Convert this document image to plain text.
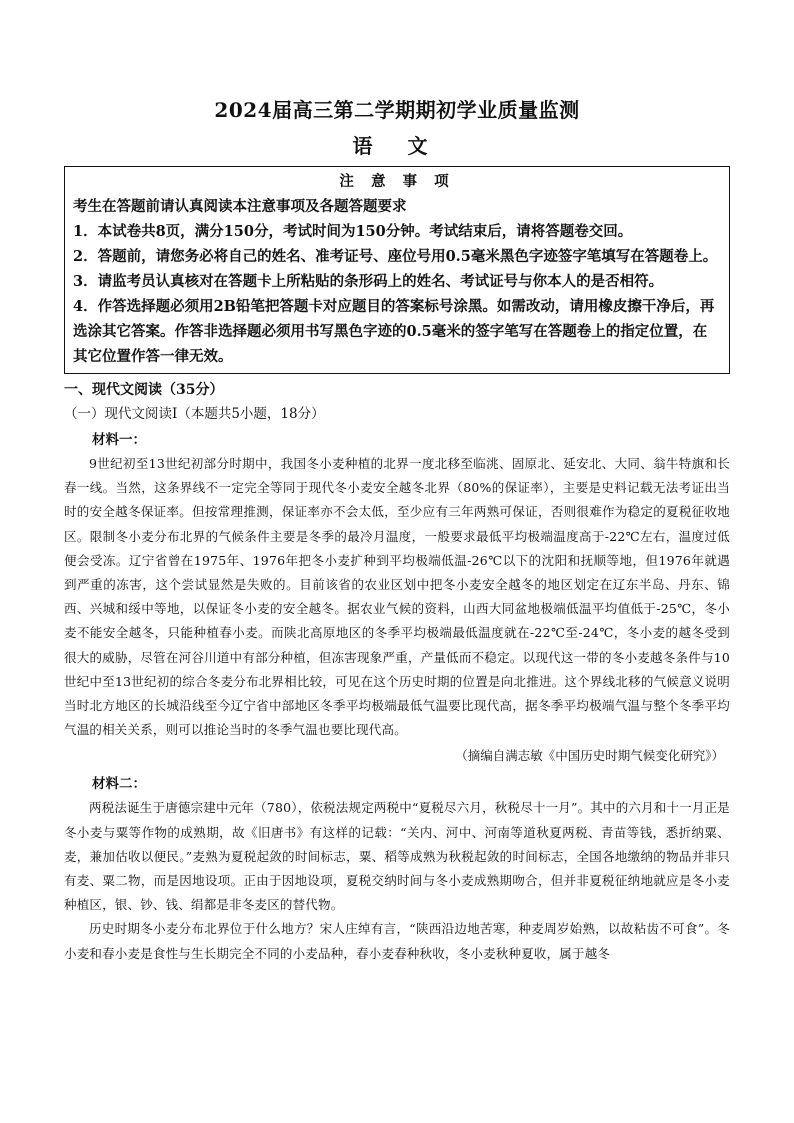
2024届高三第二学期期初学业质量监测
语 文

注 意 事 项

考生在答题前请认真阅读本注意事项及各题答题要求

1．本试卷共8页，满分150分，考试时间为150分钟。考试结束后，请将答题卷交回。

2．答题前，请您务必将自己的姓名、准考证号、座位号用0.5毫米黑色字迹签字笔填写在答题卷上。

3．请监考员认真核对在答题卡上所粘贴的条形码上的姓名、考试证号与你本人的是否相符。

4．作答选择题必须用2B铅笔把答题卡对应题目的答案标号涂黑。如需改动，请用橡皮擦干净后，再选涂其它答案。作答非选择题必须用书写黑色字迹的0.5毫米的签字笔写在答题卷上的指定位置，在其它位置作答一律无效。

一、现代文阅读（35分）

（一）现代文阅读Ⅰ（本题共5小题，18分）

材料一：

9世纪初至13世纪初部分时期中，我国冬小麦种植的北界一度北移至临洮、固原北、延安北、大同、翁牛特旗和长春一线。当然，这条界线不一定完全等同于现代冬小麦安全越冬北界（80%的保证率），主要是史料记载无法考证出当时的安全越冬保证率。但按常理推测，保证率亦不会太低，至少应有三年两熟可保证，否则很难作为稳定的夏税征收地区。限制冬小麦分布北界的气候条件主要是冬季的最冷月温度，一般要求最低平均极端温度高于-22℃左右，温度过低便会受冻。辽宁省曾在1975年、1976年把冬小麦扩种到平均极端低温-26℃以下的沈阳和抚顺等地，但1976年就遇到严重的冻害，这个尝试显然是失败的。目前该省的农业区划中把冬小麦安全越冬的地区划定在辽东半岛、丹东、锦西、兴城和绥中等地，以保证冬小麦的安全越冬。据农业气候的资料，山西大同盆地极端低温平均值低于-25℃，冬小麦不能安全越冬，只能种植春小麦。而陕北高原地区的冬季平均极端最低温度就在-22℃至-24℃，冬小麦的越冬受到很大的威胁，尽管在河谷川道中有部分种植，但冻害现象严重，产量低而不稳定。以现代这一带的冬小麦越冬条件与10世纪中至13世纪初的综合冬麦分布北界相比较，可见在这个历史时期的位置是向北推进。这个界线北移的气候意义说明当时北方地区的长城沿线至今辽宁省中部地区冬季平均极端最低气温要比现代高，据冬季平均极端气温与整个冬季平均气温的相关关系，则可以推论当时的冬季气温也要比现代高。

（摘编自满志敏《中国历史时期气候变化研究》）

材料二：

两税法诞生于唐德宗建中元年（780），依税法规定两税中“夏税尽六月，秋税尽十一月”。其中的六月和十一月正是冬小麦与粟等作物的成熟期，故《旧唐书》有这样的记载：“关内、河中、河南等道秋夏两税、青苗等钱，悉折纳粟、麦，兼加估收以便民。”麦熟为夏税起敛的时间标志，粟、稻等成熟为秋税起敛的时间标志，全国各地缴纳的物品并非只有麦、粟二物，而是因地设项。正由于因地设项，夏税交纳时间与冬小麦成熟期吻合，但并非夏税征纳地就应是冬小麦种植区，银、钞、钱、绢都是非冬麦区的替代物。

历史时期冬小麦分布北界位于什么地方？宋人庄绰有言，“陕西沿边地苦寒，种麦周岁始熟，以故粘齿不可食”。冬小麦和春小麦是食性与生长期完全不同的小麦品种，春小麦春种秋收，冬小麦秋种夏收，属于越冬
